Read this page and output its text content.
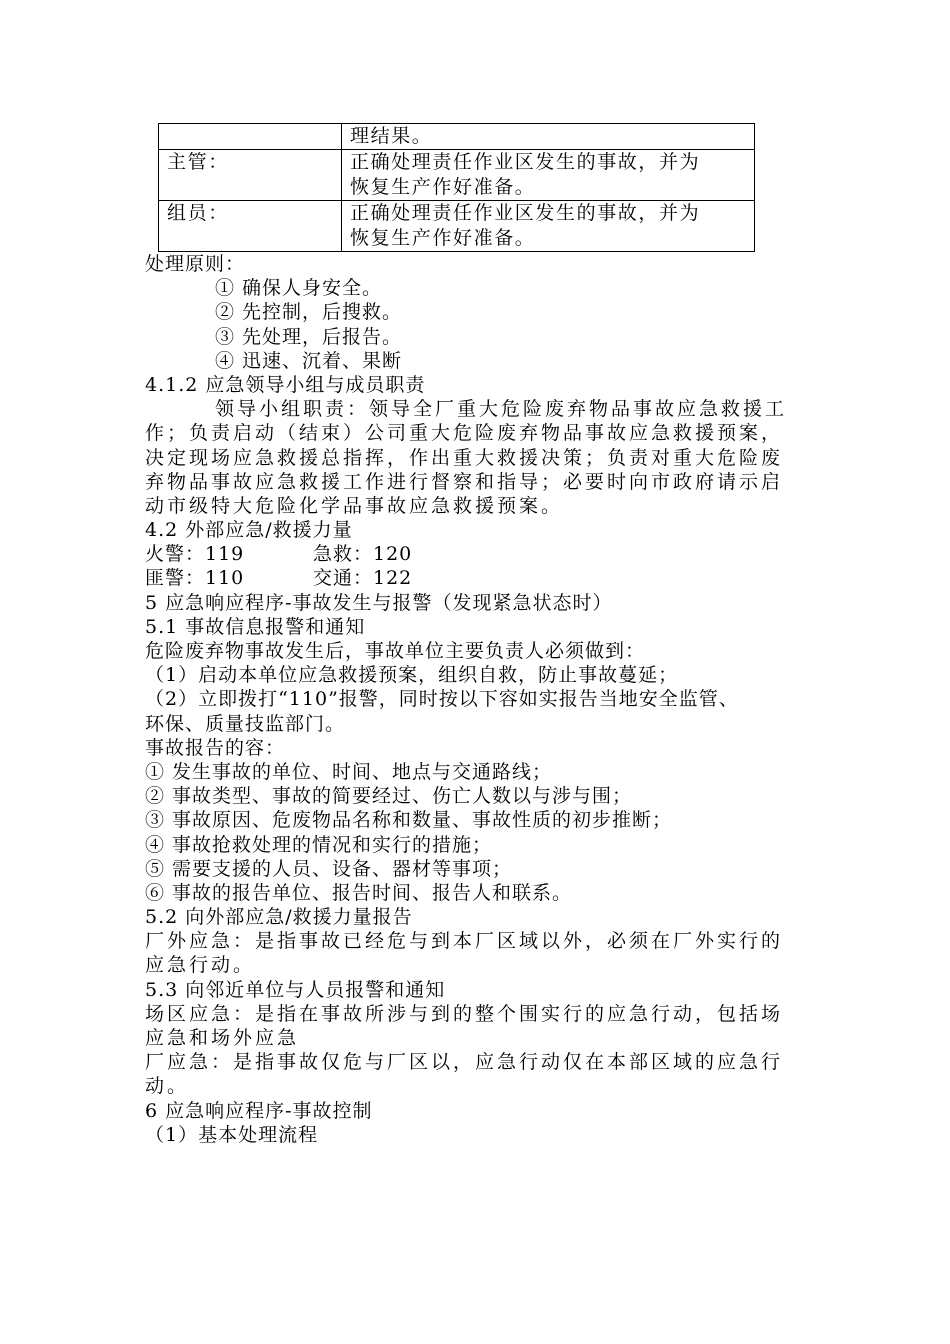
	理结果。

主管：	正确处理责任作业区发生的事故，并为
恢复生产作好准备。

组员：	正确处理责任作业区发生的事故，并为
恢复生产作好准备。
处理原则：
① 确保人身安全。
② 先控制，后搜救。
③ 先处理，后报告。
④ 迅速、沉着、果断
4.1.2 应急领导小组与成员职责
领导小组职责：领导全厂重大危险废弃物品事故应急救援工
作；负责启动（结束）公司重大危险废弃物品事故应急救援预案，
决定现场应急救援总指挥，作出重大救援决策；负责对重大危险废
弃物品事故应急救援工作进行督察和指导；必要时向市政府请示启
动市级特大危险化学品事故应急救援预案。
4.2 外部应急/救援力量
火警：119	急救：120
匪警：110	交通：122
5 应急响应程序-事故发生与报警（发现紧急状态时）
5.1 事故信息报警和通知
危险废弃物事故发生后，事故单位主要负责人必须做到：
（1）启动本单位应急救援预案，组织自救，防止事故蔓延；
（2）立即拨打“110”报警，同时按以下容如实报告当地安全监管、
环保、质量技监部门。
事故报告的容：
① 发生事故的单位、时间、地点与交通路线；
② 事故类型、事故的简要经过、伤亡人数以与涉与围；
③ 事故原因、危废物品名称和数量、事故性质的初步推断；
④ 事故抢救处理的情况和实行的措施；
⑤ 需要支援的人员、设备、器材等事项；
⑥ 事故的报告单位、报告时间、报告人和联系。
5.2 向外部应急/救援力量报告
厂外应急：是指事故已经危与到本厂区域以外，必须在厂外实行的
应急行动。
5.3 向邻近单位与人员报警和通知
场区应急：是指在事故所涉与到的整个围实行的应急行动，包括场
应急和场外应急
厂应急：是指事故仅危与厂区以，应急行动仅在本部区域的应急行
动。
6 应急响应程序-事故控制
（1）基本处理流程
